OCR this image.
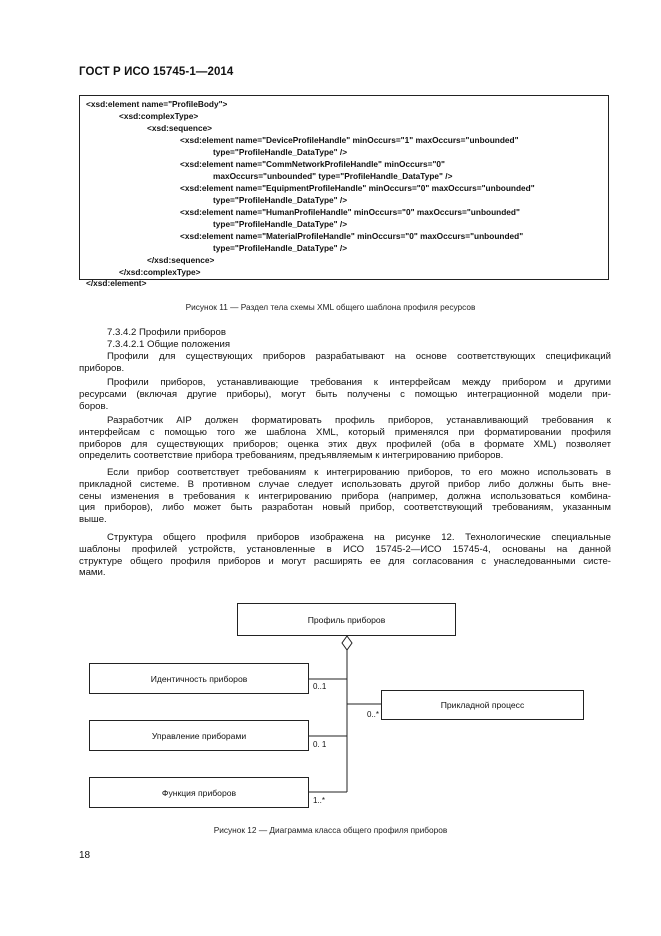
ГОСТ Р ИСО 15745-1—2014
<xsd:element name="ProfileBody">
<xsd:complexType>
<xsd:sequence>
<xsd:element name="DeviceProfileHandle" minOccurs="1" maxOccurs="unbounded"
type="ProfileHandle_DataType" />
<xsd:element name="CommNetworkProfileHandle" minOccurs="0"
maxOccurs="unbounded" type="ProfileHandle_DataType" />
<xsd:element name="EquipmentProfileHandle" minOccurs="0" maxOccurs="unbounded"
type="ProfileHandle_DataType" />
<xsd:element name="HumanProfileHandle" minOccurs="0" maxOccurs="unbounded"
type="ProfileHandle_DataType" />
<xsd:element name="MaterialProfileHandle" minOccurs="0" maxOccurs="unbounded"
type="ProfileHandle_DataType" />
</xsd:sequence>
</xsd:complexType>
</xsd:element>
Рисунок 11 — Раздел тела схемы XML общего шаблона профиля ресурсов
7.3.4.2 Профили приборов
7.3.4.2.1 Общие положения
Профили для существующих приборов разрабатывают на основе соответствующих спецификаций
приборов.
Профили приборов, устанавливающие требования к интерфейсам между прибором и другими
ресурсами (включая другие приборы), могут быть получены с помощью интеграционной модели при-
боров.
Разработчик AIP должен форматировать профиль приборов, устанавливающий требования к
интерфейсам с помощью того же шаблона XML, который применялся при форматировании профиля
приборов для существующих приборов; оценка этих двух профилей (оба в формате XML) позволяет
определить соответствие прибора требованиям, предъявляемым к интегрированию приборов.
Если прибор соответствует требованиям к интегрированию приборов, то его можно использовать в
прикладной системе. В противном случае следует использовать другой прибор либо должны быть вне-
сены изменения в требования к интегрированию прибора (например, должна использоваться комбина-
ция приборов), либо может быть разработан новый прибор, соответствующий требованиям, указанным
выше.
Структура общего профиля приборов изображена на рисунке 12. Технологические специальные
шаблоны профилей устройств, установленные в ИСО 15745-2—ИСО 15745-4, основаны на данной
структуре общего профиля приборов и могут расширять ее для согласования с унаследованными систе-
мами.
Профиль приборов
Идентичность приборов
Управление приборами
Функция приборов
Прикладной процесс
0..1
0. 1
1..*
0..*
Рисунок 12 — Диаграмма класса общего профиля приборов
18
